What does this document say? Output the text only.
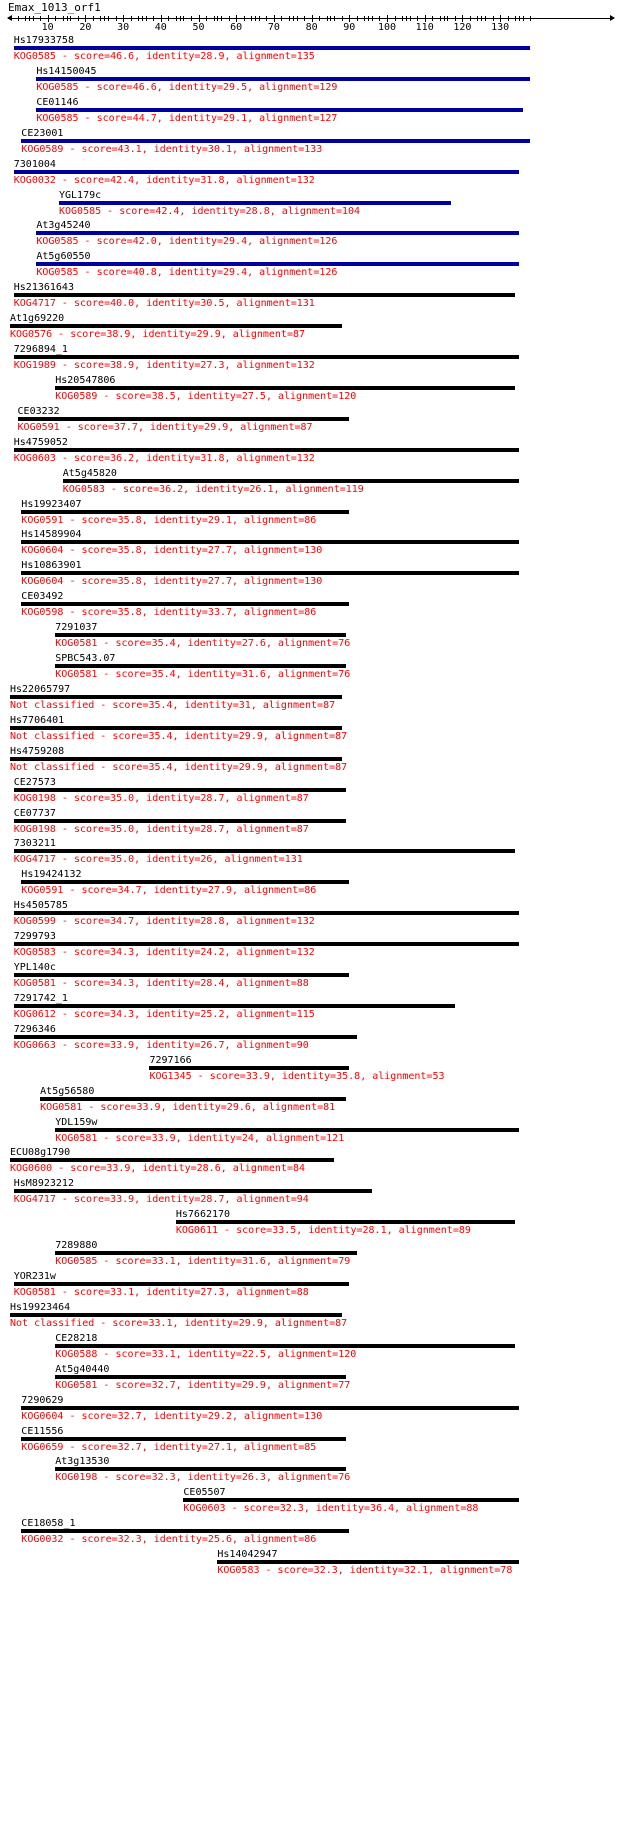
Emax_1013_orf1
10	20	30	40	50	60	70	80	90 100 110 120 130
Hs17933758
KOG0585 - score=46.6, identity=28.9, alignment=135
Hs14150045
KOG0585 - score=46.6, identity=29.5, alignment=129
CE01146
KOG0585 - score=44.7, identity=29.1, alignment=127
CE23001
KOG0589 - score=43.1, identity=30.1, alignment=133
7301004
KOG0032 - score=42.4, identity=31.8, alignment=132
YGL179c
KOG0585 - score=42.4, identity=28.8, alignment=104
At3g45240
KOG0585 - score=42.0, identity=29.4, alignment=126
At5g60550
KOG0585 - score=40.8, identity=29.4, alignment=126
Hs21361643
KOG4717 - score=40.0, identity=30.5, alignment=131
At1g69220
KOG0576 - score=38.9, identity=29.9, alignment=87
7296894_1
KOG1989 - score=38.9, identity=27.3, alignment=132
Hs20547806
KOG0589 - score=38.5, identity=27.5, alignment=120
CE03232
KOG0591 - score=37.7, identity=29.9, alignment=87
Hs4759052
KOG0603 - score=36.2, identity=31.8, alignment=132
At5g45820
KOG0583 - score=36.2, identity=26.1, alignment=119
Hs19923407
KOG0591 - score=35.8, identity=29.1, alignment=86
Hs14589904
KOG0604 - score=35.8, identity=27.7, alignment=130
Hs10863901
KOG0604 - score=35.8, identity=27.7, alignment=130
CE03492
KOG0598 - score=35.8, identity=33.7, alignment=86
7291037
KOG0581 - score=35.4, identity=27.6, alignment=76
SPBC543.07
KOG0581 - score=35.4, identity=31.6, alignment=76
Hs22065797
Not classified - score=35.4, identity=31, alignment=87
Hs7706401
Not classified - score=35.4, identity=29.9, alignment=87
Hs4759208
Not classified - score=35.4, identity=29.9, alignment=87
CE27573
KOG0198 - score=35.0, identity=28.7, alignment=87
CE07737
KOG0198 - score=35.0, identity=28.7, alignment=87
7303211
KOG4717 - score=35.0, identity=26, alignment=131
Hs19424132
KOG0591 - score=34.7, identity=27.9, alignment=86
Hs4505785
KOG0599 - score=34.7, identity=28.8, alignment=132
7299793
KOG0583 - score=34.3, identity=24.2, alignment=132
YPL140c
KOG0581 - score=34.3, identity=28.4, alignment=88
7291742_1
KOG0612 - score=34.3, identity=25.2, alignment=115
7296346
KOG0663 - score=33.9, identity=26.7, alignment=90
7297166
KOG1345 - score=33.9, identity=35.8, alignment=53
At5g56580
KOG0581 - score=33.9, identity=29.6, alignment=81
YDL159w
KOG0581 - score=33.9, identity=24, alignment=121
ECU08g1790
KOG0600 - score=33.9, identity=28.6, alignment=84
HsM8923212
KOG4717 - score=33.9, identity=28.7, alignment=94
Hs7662170
KOG0611 - score=33.5, identity=28.1, alignment=89
7289880
KOG0585 - score=33.1, identity=31.6, alignment=79
YOR231w
KOG0581 - score=33.1, identity=27.3, alignment=88
Hs19923464
Not classified - score=33.1, identity=29.9, alignment=87
CE28218
KOG0588 - score=33.1, identity=22.5, alignment=120
At5g40440
KOG0581 - score=32.7, identity=29.9, alignment=77
7290629
KOG0604 - score=32.7, identity=29.2, alignment=130
CE11556
KOG0659 - score=32.7, identity=27.1, alignment=85
At3g13530
KOG0198 - score=32.3, identity=26.3, alignment=76
CE05507
KOG0603 - score=32.3, identity=36.4, alignment=88
CE18058_1
KOG0032 - score=32.3, identity=25.6, alignment=86
Hs14042947
KOG0583 - score=32.3, identity=32.1, alignment=78
